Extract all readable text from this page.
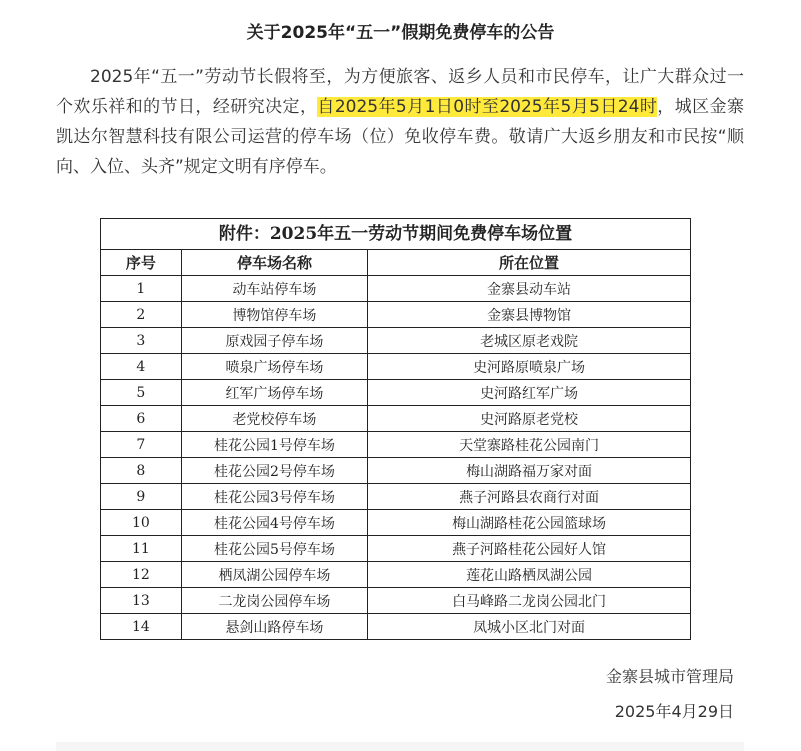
关于2025年“五一”假期免费停车的公告

2025年“五一”劳动节长假将至，为方便旅客、返乡人员和市民停车，让广大群众过一个欢乐祥和的节日，经研究决定，自2025年5月1日0时至2025年5月5日24时，城区金寨凯达尔智慧科技有限公司运营的停车场（位）免收停车费。敬请广大返乡朋友和市民按“顺向、入位、头齐”规定文明有序停车。

附件：2025年五一劳动节期间免费停车场位置
序号	停车场名称	所在位置
1	动车站停车场	金寨县动车站
2	博物馆停车场	金寨县博物馆
3	原戏园子停车场	老城区原老戏院
4	喷泉广场停车场	史河路原喷泉广场
5	红军广场停车场	史河路红军广场
6	老党校停车场	史河路原老党校
7	桂花公园1号停车场	天堂寨路桂花公园南门
8	桂花公园2号停车场	梅山湖路福万家对面
9	桂花公园3号停车场	燕子河路县农商行对面
10	桂花公园4号停车场	梅山湖路桂花公园篮球场
11	桂花公园5号停车场	燕子河路桂花公园好人馆
12	栖凤湖公园停车场	莲花山路栖凤湖公园
13	二龙岗公园停车场	白马峰路二龙岗公园北门
14	悬剑山路停车场	凤城小区北门对面
金寨县城市管理局
2025年4月29日
